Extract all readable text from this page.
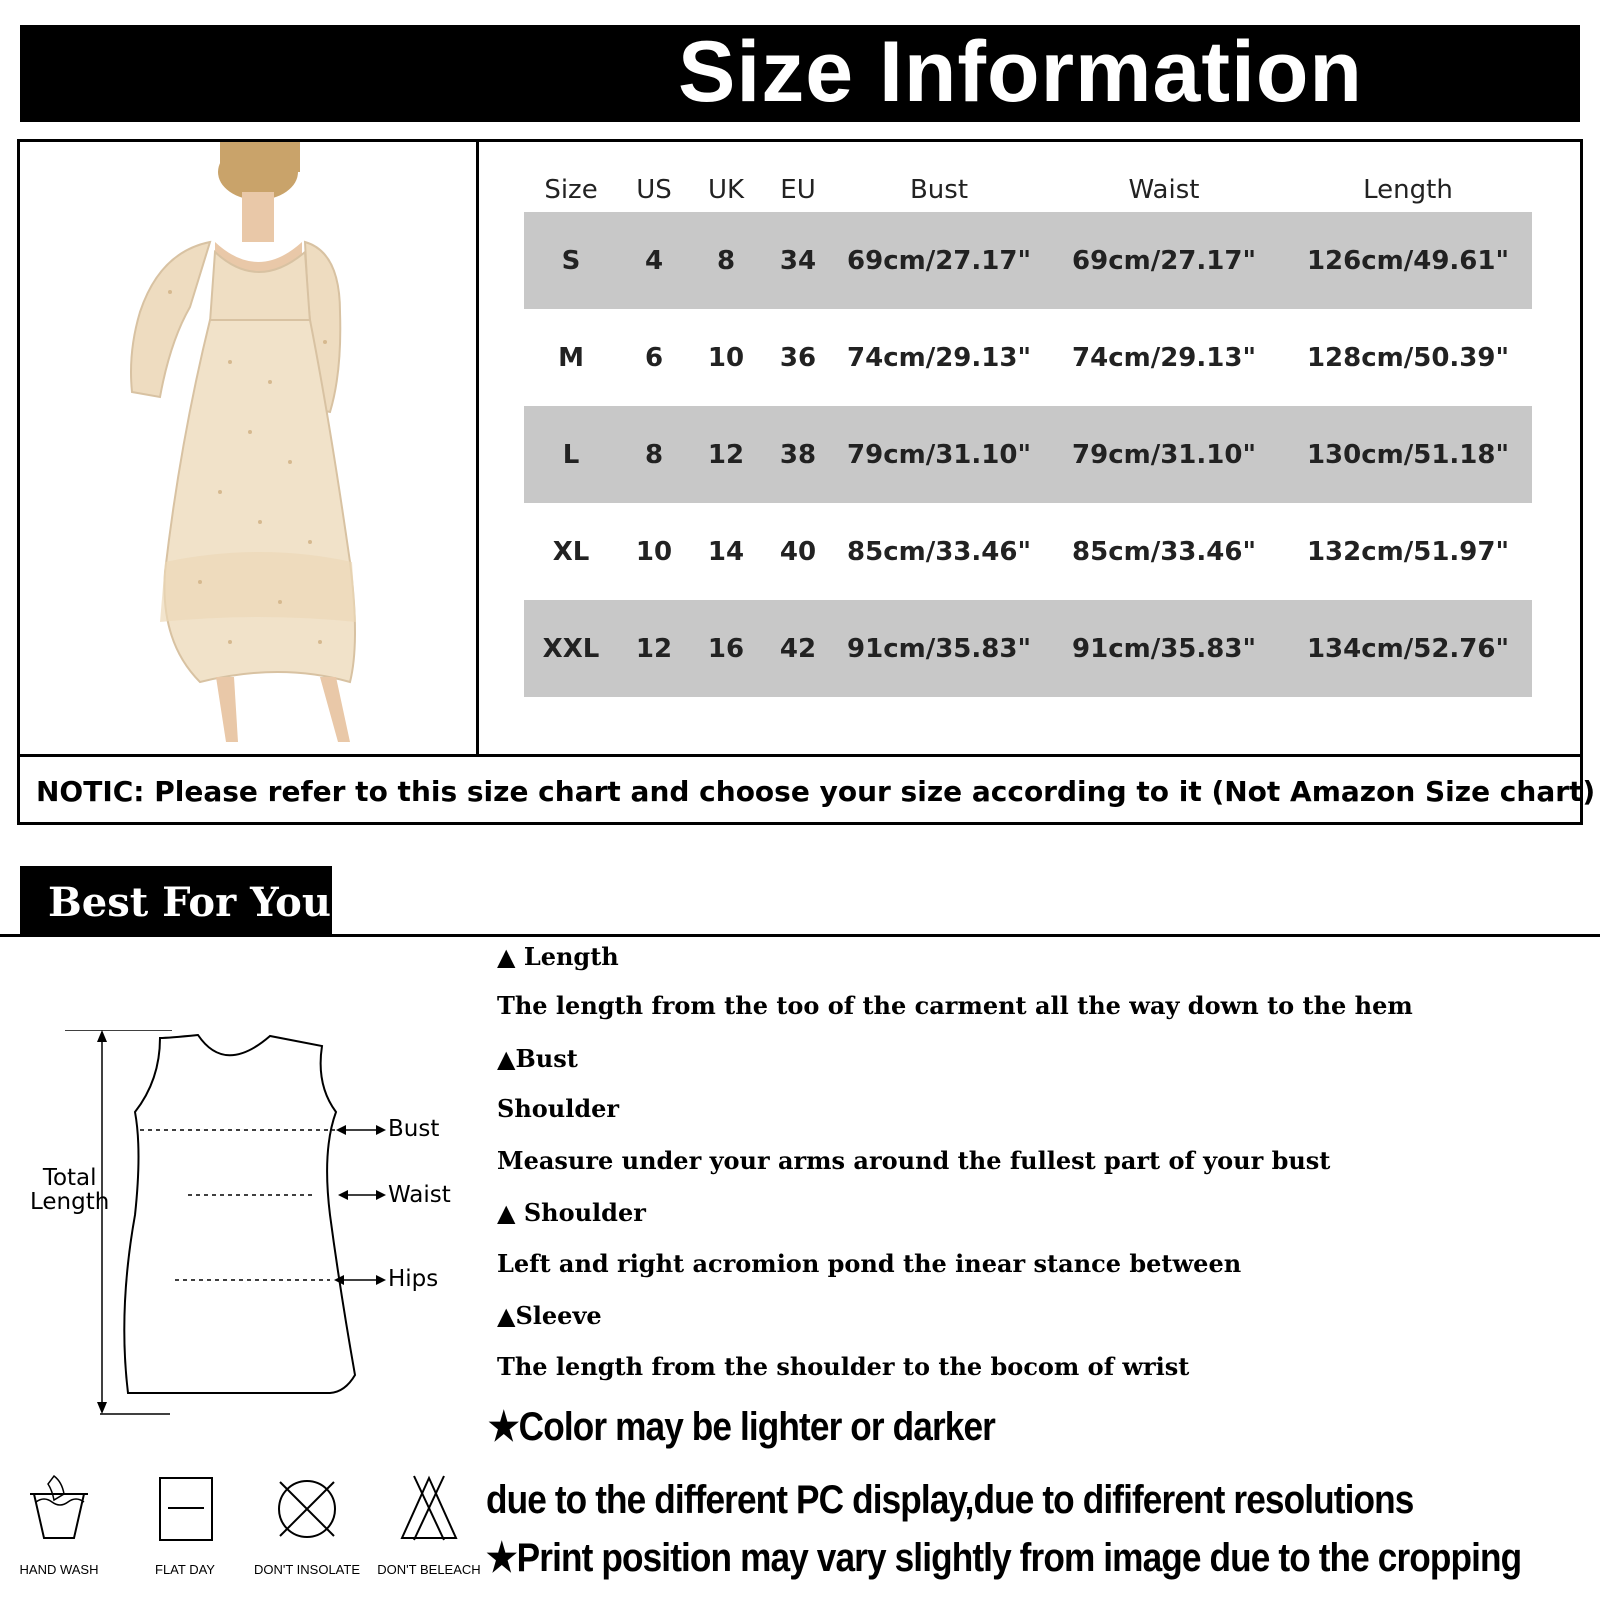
Size Information
NOTIC: Please refer to this size chart and choose your size according to it (Not Amazon Size chart)
Size	US	UK	EU	Bust	Waist	Length
S	4	8	34	69cm/27.17"	69cm/27.17"	126cm/49.61"
M	6	10	36	74cm/29.13"	74cm/29.13"	128cm/50.39"
L	8	12	38	79cm/31.10"	79cm/31.10"	130cm/51.18"
XL	10	14	40	85cm/33.46"	85cm/33.46"	132cm/51.97"
XXL	12	16	42	91cm/35.83"	91cm/35.83"	134cm/52.76"
Best For You
Total
Length
Bust
Waist
Hips
HAND WASH	FLAT DAY	DON'T INSOLATE DON'T BELEACH
▲ Length
The length from the too of the carment all the way down to the hem
▲Bust
Shoulder
Measure under your arms around the fullest part of your bust
▲ Shoulder
Left and right acromion pond the inear stance between
▲Sleeve
The length from the shoulder to the bocom of wrist
★Color may be lighter or darker
due to the different PC display,due to dififerent resolutions
★Print position may vary slightly from image due to the cropping
